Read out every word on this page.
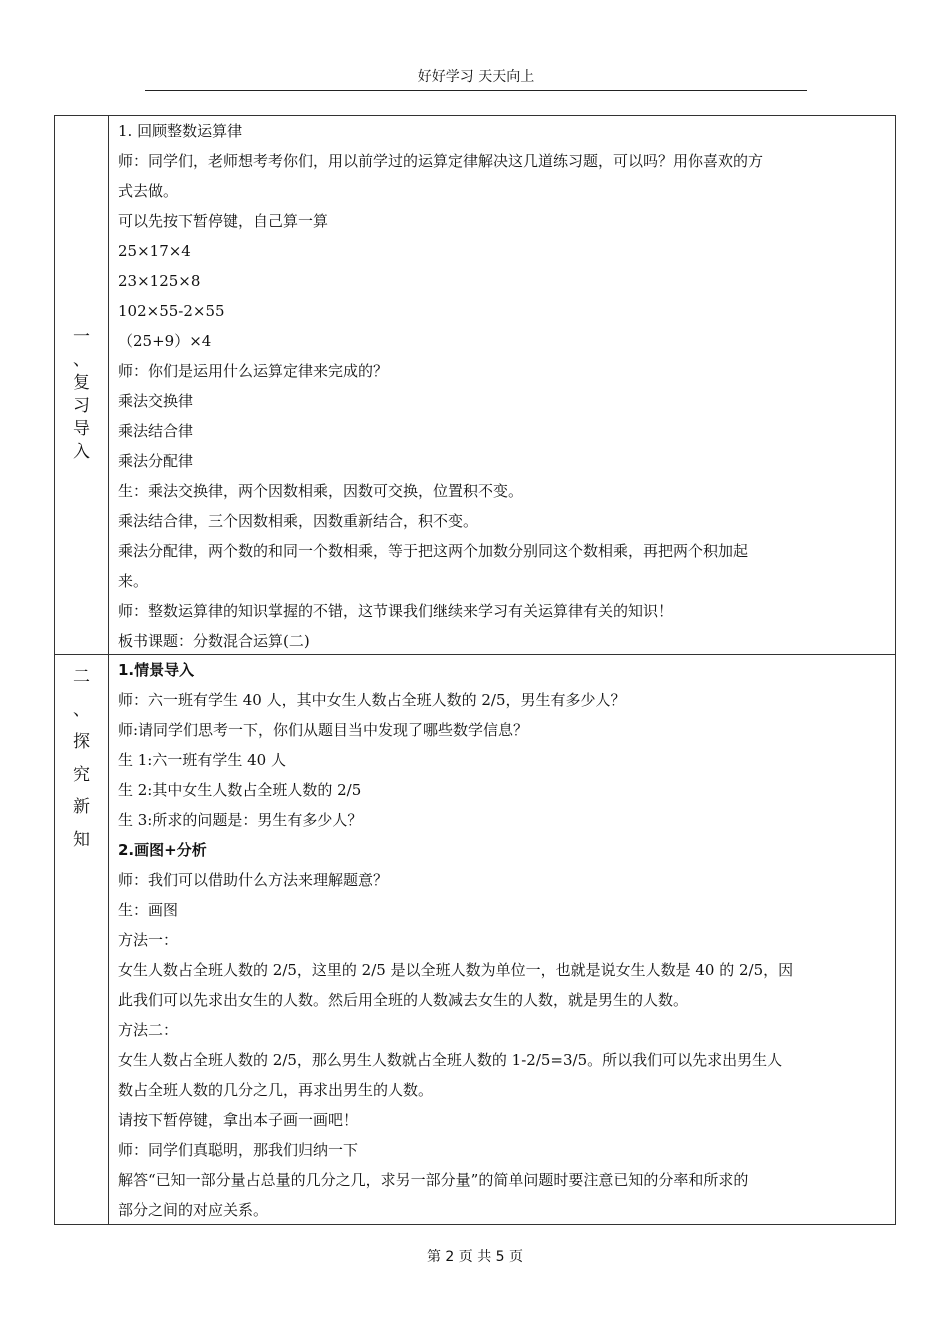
好好学习 天天向上
一
、
复
习
导
入
1. 回顾整数运算律
师：同学们，老师想考考你们，用以前学过的运算定律解决这几道练习题，可以吗？用你喜欢的方
式去做。
可以先按下暂停键，自己算一算
25×17×4
23×125×8
102×55-2×55
（25+9）×4
师：你们是运用什么运算定律来完成的？
乘法交换律
乘法结合律
乘法分配律
生：乘法交换律，两个因数相乘，因数可交换，位置积不变。
乘法结合律，三个因数相乘，因数重新结合，积不变。
乘法分配律，两个数的和同一个数相乘，等于把这两个加数分别同这个数相乘，再把两个积加起
来。
师：整数运算律的知识掌握的不错，这节课我们继续来学习有关运算律有关的知识！
板书课题：分数混合运算(二)
二
、
探
究
新
知
1.情景导入
师：六一班有学生 40 人，其中女生人数占全班人数的 2/5，男生有多少人？
师:请同学们思考一下，你们从题目当中发现了哪些数学信息？
生 1:六一班有学生 40 人
生 2:其中女生人数占全班人数的 2/5
生 3:所求的问题是：男生有多少人？
2.画图+分析
师：我们可以借助什么方法来理解题意？
生：画图
方法一：
女生人数占全班人数的 2/5，这里的 2/5 是以全班人数为单位一，也就是说女生人数是 40 的 2/5，因
此我们可以先求出女生的人数。然后用全班的人数减去女生的人数，就是男生的人数。
方法二：
女生人数占全班人数的 2/5，那么男生人数就占全班人数的 1-2/5=3/5。所以我们可以先求出男生人
数占全班人数的几分之几，再求出男生的人数。
请按下暂停键，拿出本子画一画吧！
师：同学们真聪明，那我们归纳一下
解答“已知一部分量占总量的几分之几，求另一部分量”的简单问题时要注意已知的分率和所求的
部分之间的对应关系。
第 2 页 共 5 页
